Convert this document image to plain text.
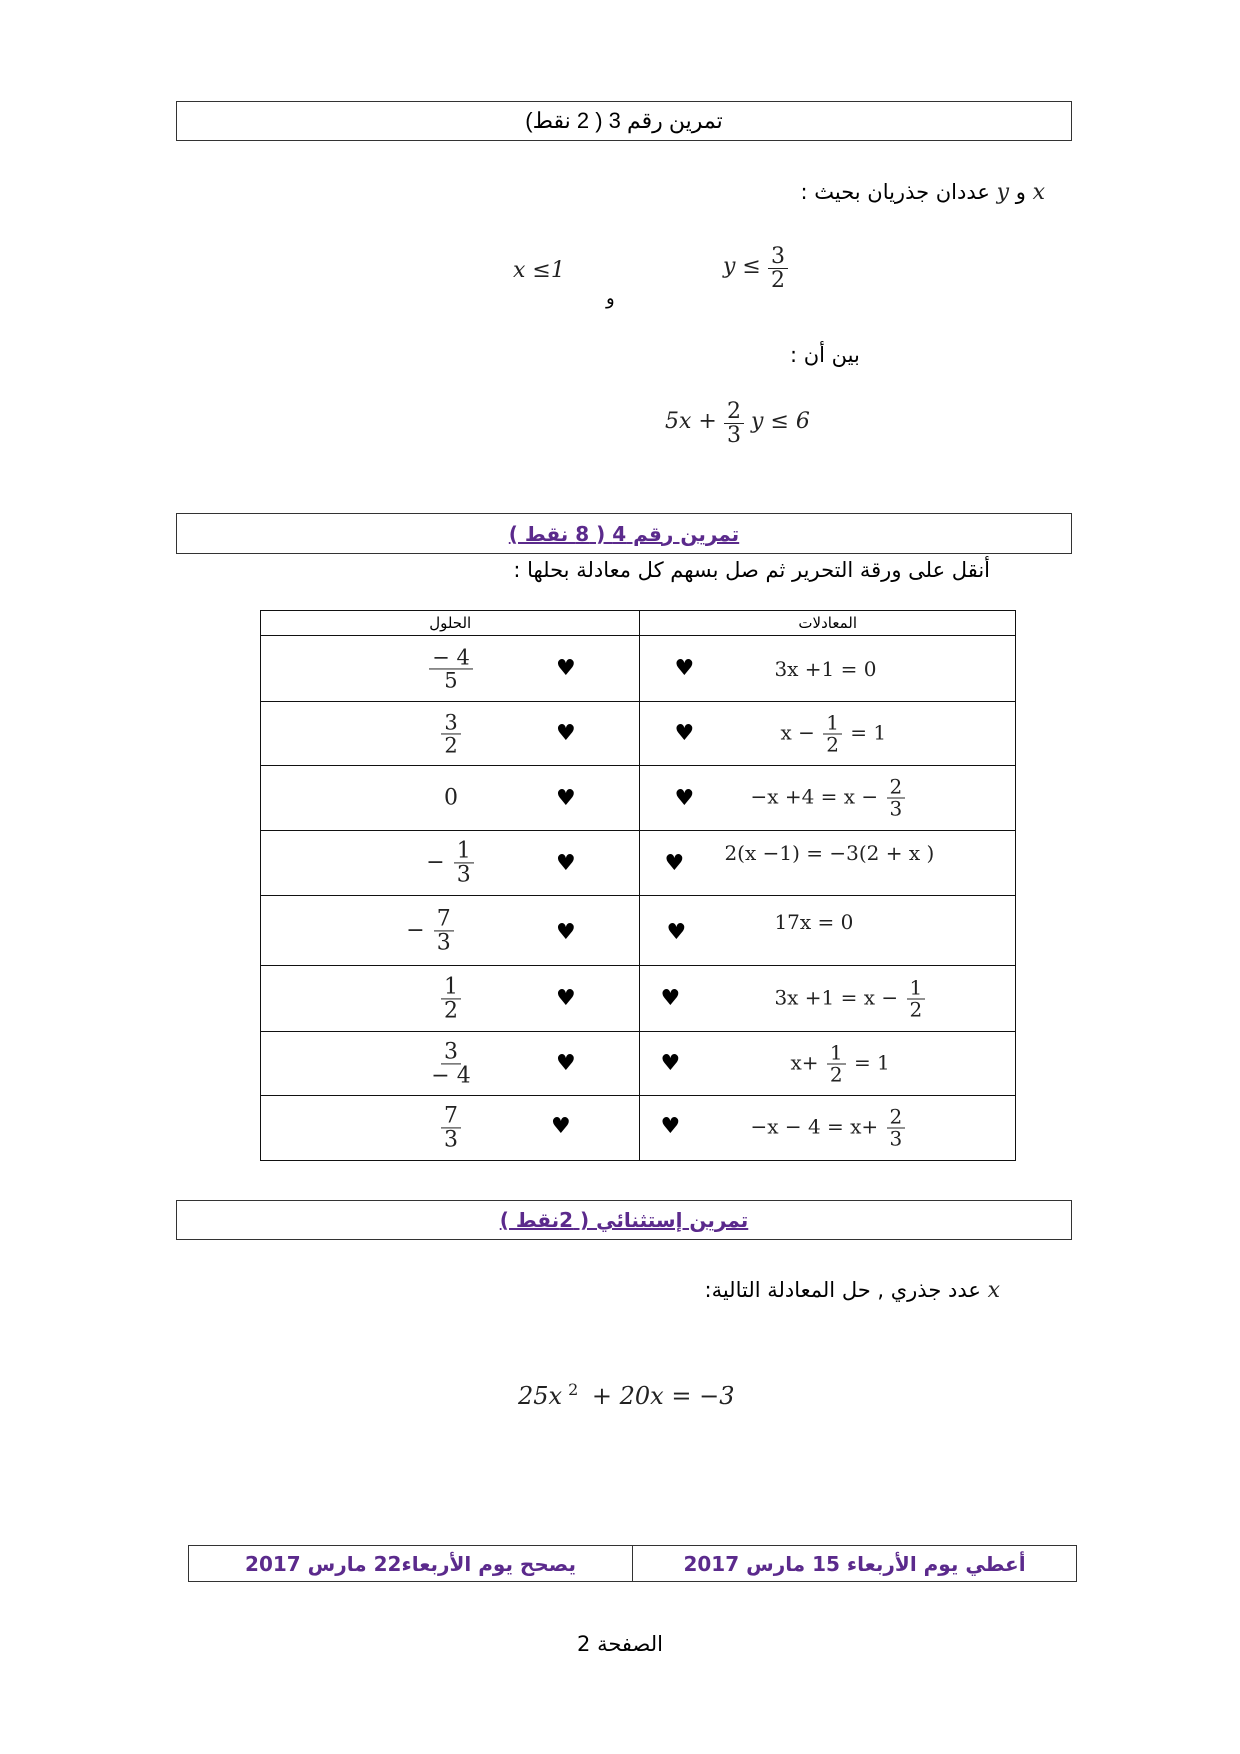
تمرين رقم 3 ( 2 نقط)
x و y عددان جذريان بحيث :
x ≤1
و
$y \le \frac{3}{2}$
بين أن :
$5x + \frac{2}{3}$ y ≤ 6
تمرين رقم 4 ( 8 نقط )
أنقل على ورقة التحرير ثم صل بسهم كل معادلة بحلها :
الحلول	المعادلات

$\frac{- 4}{5}$ ♥	♥ 3x +1 = 0

$\frac{3}{2}$ ♥	♥ $x - \frac{1}{2} = 1$

0 ♥	♥ $-x +4 = x - \frac{2}{3}$

− $\frac{1}{3}$ ♥	♥ 2(x −1) = −3(2 + x )

− $\frac{7}{3}$ ♥	♥ 17x = 0

$\frac{1}{2}$ ♥	♥ $3x +1 = x - \frac{1}{2}$

$\frac{3}{- 4}$ ♥	♥ $x+ \frac{1}{2} = 1$

$\frac{7}{3}$ ♥	♥ $-x - 4 = x+ \frac{2}{3}$
تمرين إستثنائي ( 2نقط )
x عدد جذري , حل المعادلة التالية:
25x $^2$ + 20x = −3
يصحح يوم الأربعاء22 مارس 2017	أعطي يوم الأربعاء 15 مارس 2017
الصفحة 2
